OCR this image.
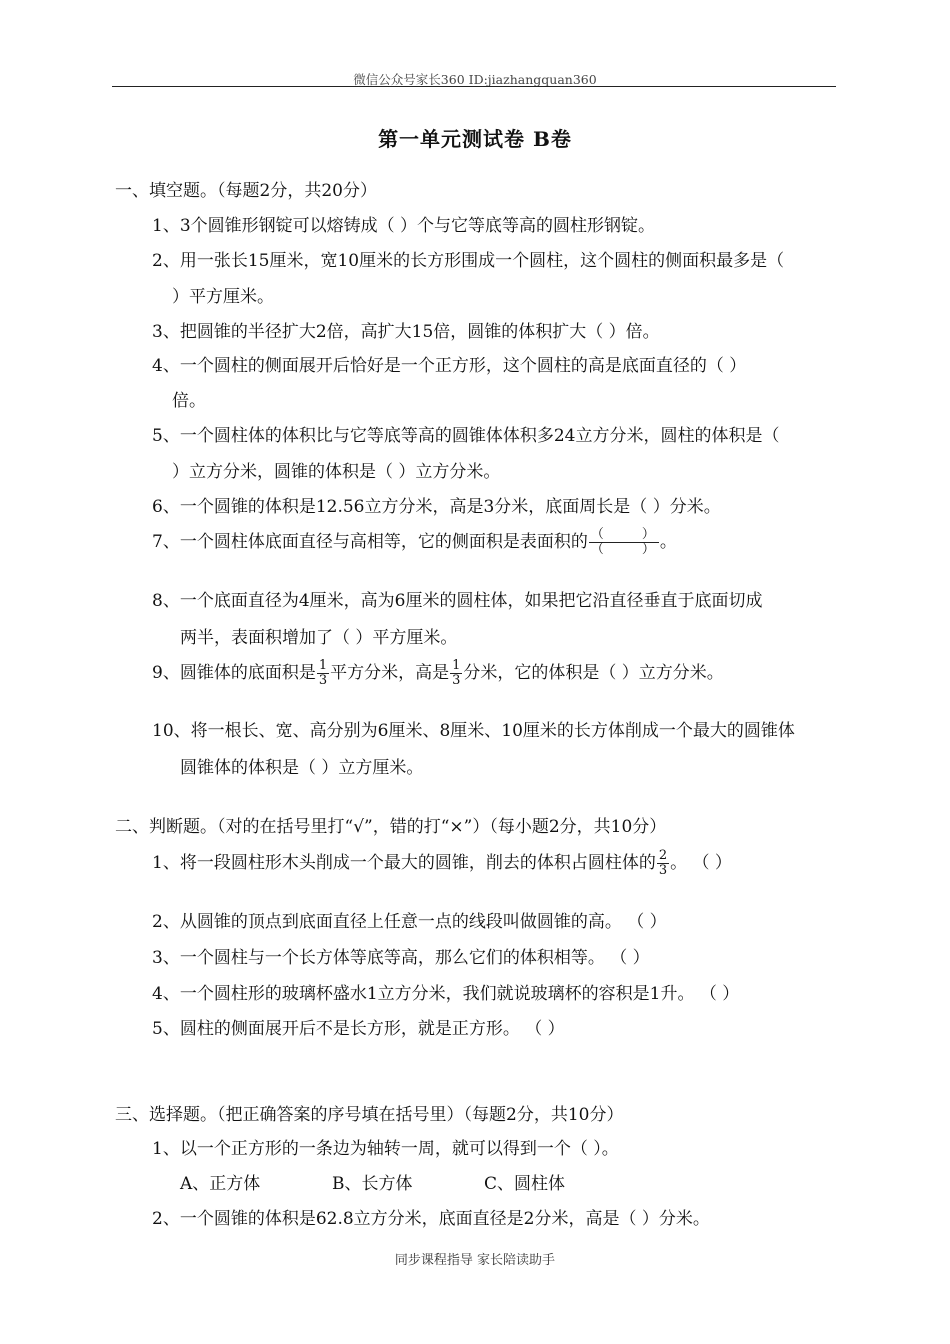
微信公众号家长360 ID:jiazhangquan360
第一单元测试卷 B卷
一、填空题。（每题2分，共20分）
1、3个圆锥形钢锭可以熔铸成（ ）个与它等底等高的圆柱形钢锭。
2、用一张长15厘米，宽10厘米的长方形围成一个圆柱，这个圆柱的侧面积最多是（
）平方厘米。
3、把圆锥的半径扩大2倍，高扩大15倍，圆锥的体积扩大（ ）倍。
4、一个圆柱的侧面展开后恰好是一个正方形，这个圆柱的高是底面直径的（ ）
倍。
5、一个圆柱体的体积比与它等底等高的圆锥体体积多24立方分米，圆柱的体积是（
）立方分米，圆锥的体积是（ ）立方分米。
6、一个圆锥的体积是12.56立方分米，高是3分米，底面周长是（ ）分米。
7、一个圆柱体底面直径与高相等，它的侧面积是表面积的 （	）
（	） 。
8、一个底面直径为4厘米，高为6厘米的圆柱体，如果把它沿直径垂直于底面切成
两半，表面积增加了（ ）平方厘米。
9、圆锥体的底面积是 $\frac{1}{3}$ 平方分米，高是 $\frac{1}{3}$ 分米，它的体积是（ ）立方分米。
10、将一根长、宽、高分别为6厘米、8厘米、10厘米的长方体削成一个最大的圆锥体
圆锥体的体积是（ ）立方厘米。
二、判断题。（对的在括号里打“√”，错的打“×”）（每小题2分，共10分）
1、将一段圆柱形木头削成一个最大的圆锥，削去的体积占圆柱体的 $\frac{2}{3}$ 。 （ ）
2、从圆锥的顶点到底面直径上任意一点的线段叫做圆锥的高。 （ ）
3、一个圆柱与一个长方体等底等高，那么它们的体积相等。 （ ）
4、一个圆柱形的玻璃杯盛水1立方分米，我们就说玻璃杯的容积是1升。 （ ）
5、圆柱的侧面展开后不是长方形，就是正方形。 （ ）
三、选择题。（把正确答案的序号填在括号里）（每题2分，共10分）
1、以一个正方形的一条边为轴转一周，就可以得到一个（ ）。
A、正方体	B、长方体	C、圆柱体
2、一个圆锥的体积是62.8立方分米，底面直径是2分米，高是（ ）分米。
同步课程指导 家长陪读助手
